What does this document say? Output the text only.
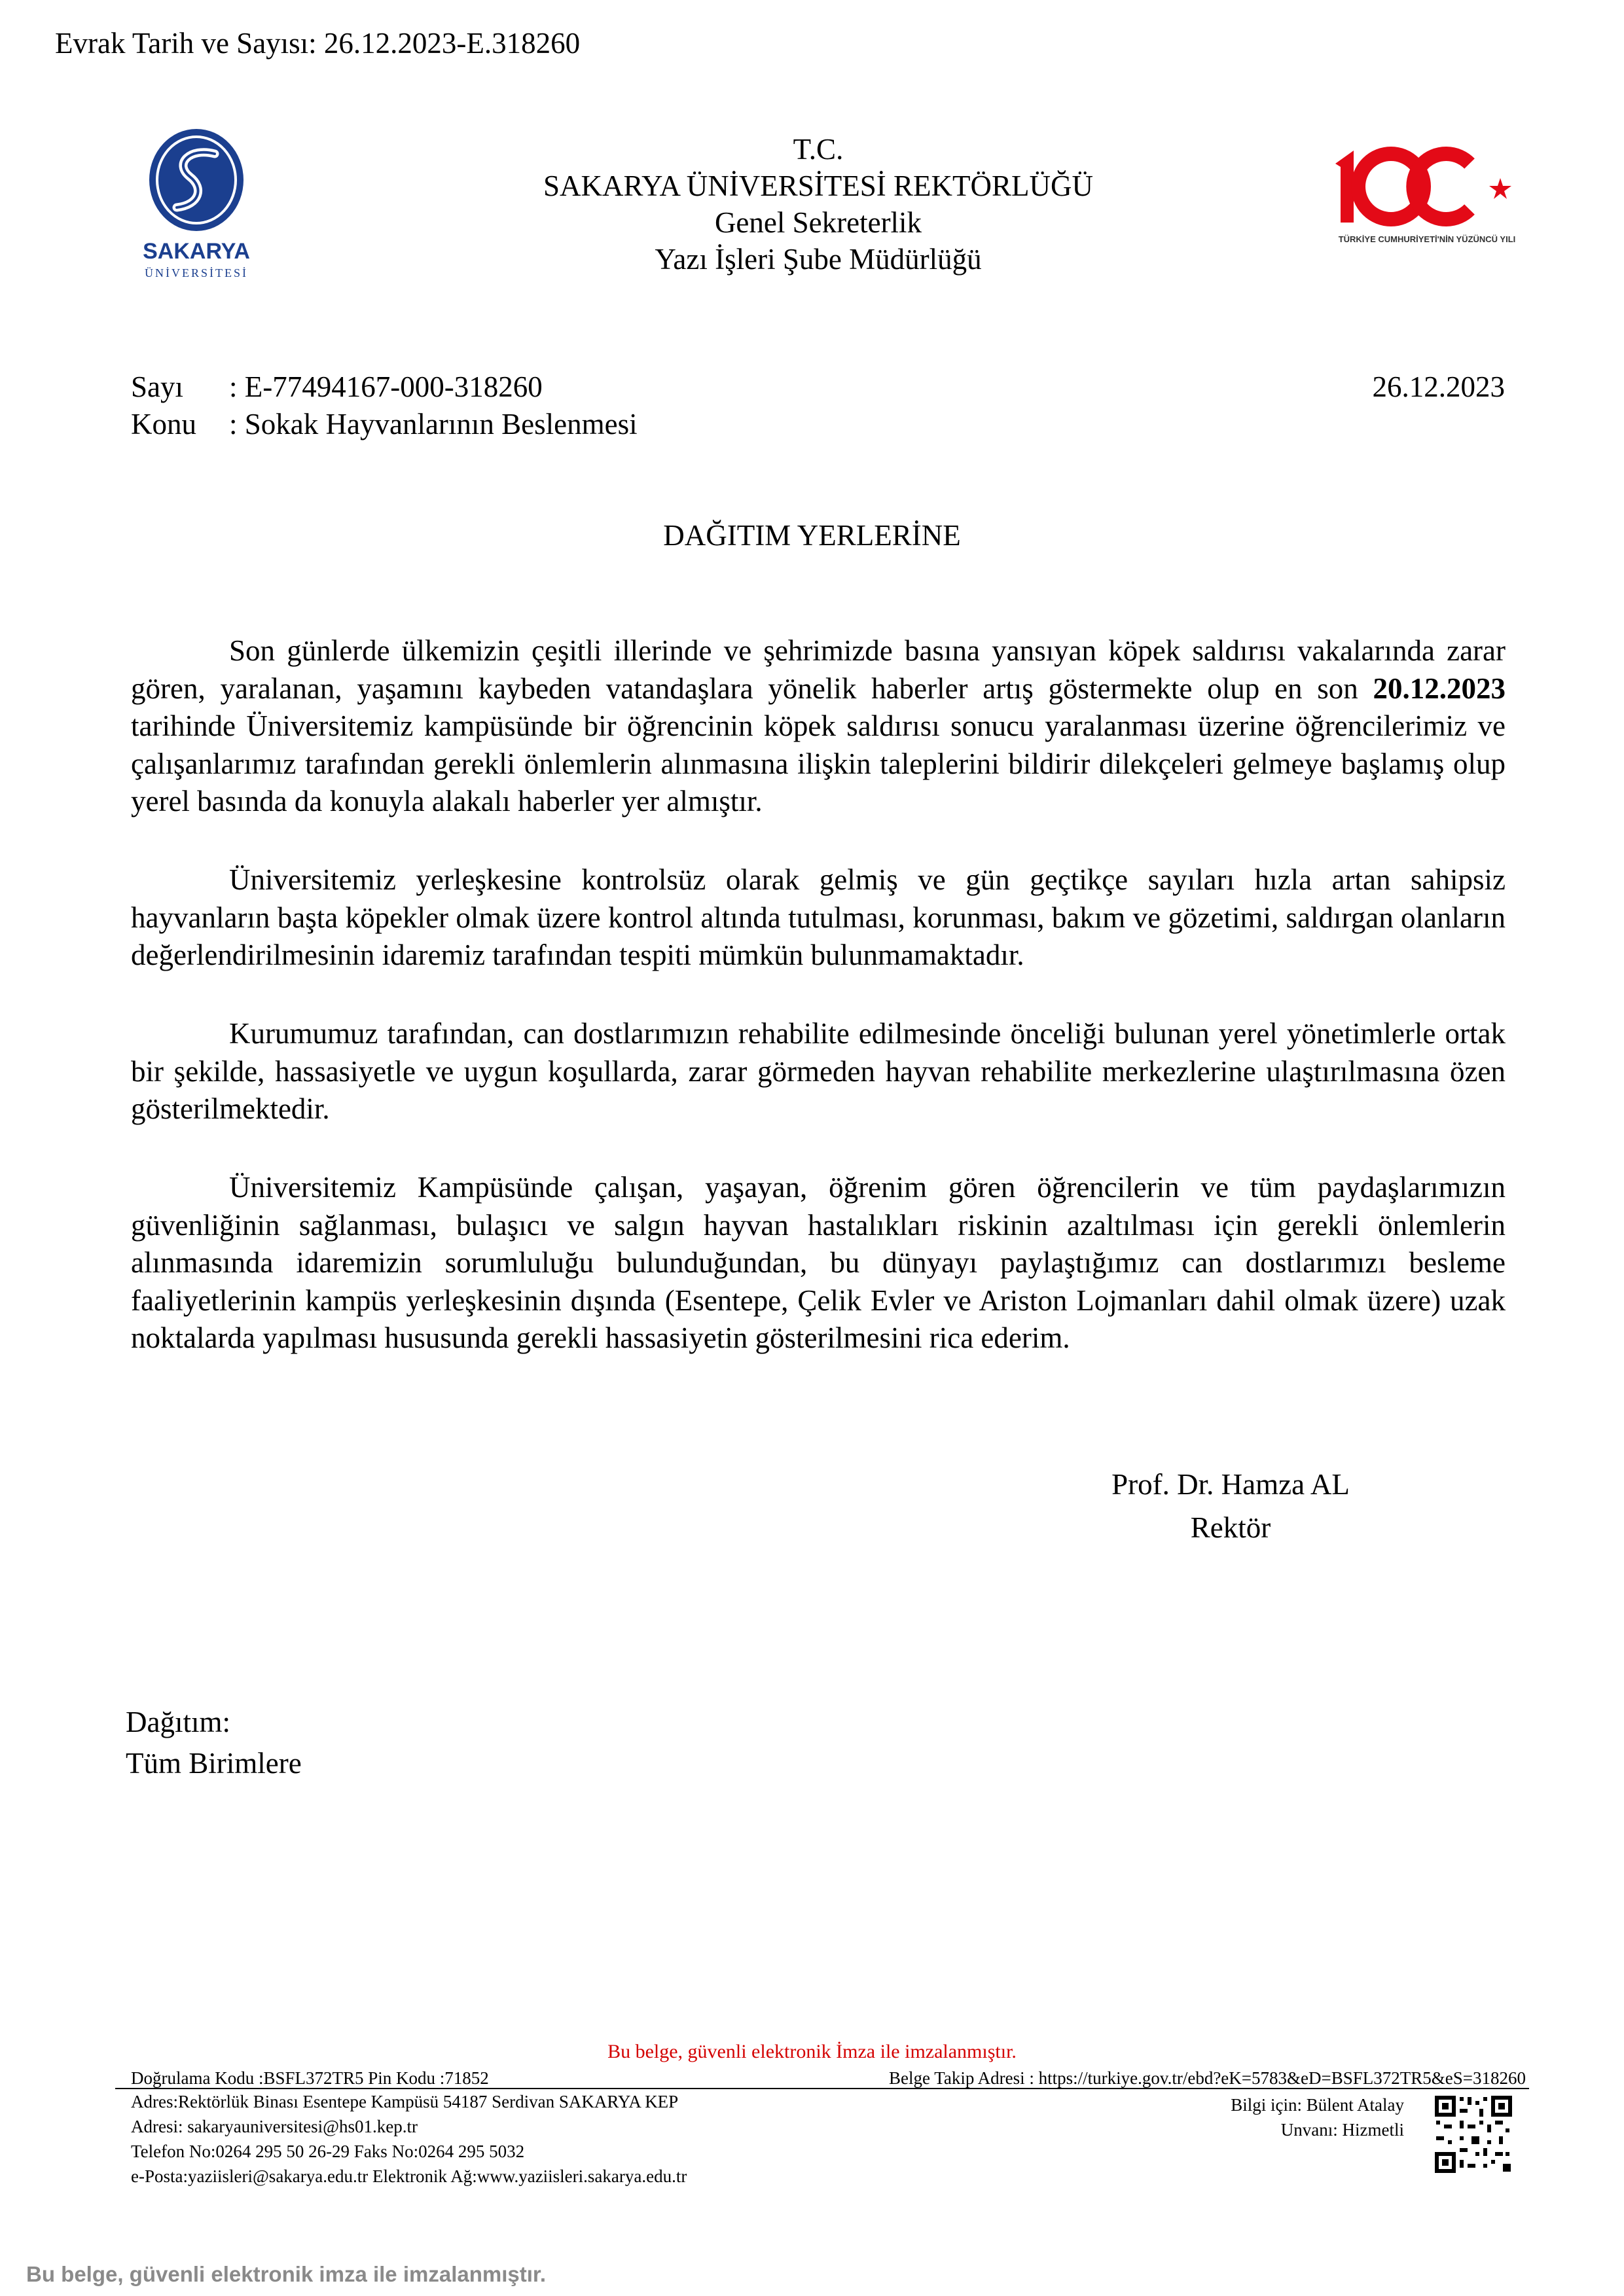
Evrak Tarih ve Sayısı: 26.12.2023-E.318260
SAKARYA
ÜNİVERSİTESİ
TÜRKİYE CUMHURİYETİ'NİN YÜZÜNCÜ YILI
T.C.
SAKARYA ÜNİVERSİTESİ REKTÖRLÜĞÜ
Genel Sekreterlik
Yazı İşleri Şube Müdürlüğü
Sayı : E-77494167-000-318260
Konu : Sokak Hayvanlarının Beslenmesi
26.12.2023
DAĞITIM YERLERİNE

Son günlerde ülkemizin çeşitli illerinde ve şehrimizde basına yansıyan köpek saldırısı vakalarında zarar gören, yaralanan, yaşamını kaybeden vatandaşlara yönelik haberler artış göstermekte olup en son 20.12.2023 tarihinde Üniversitemiz kampüsünde bir öğrencinin köpek saldırısı sonucu yaralanması üzerine öğrencilerimiz ve çalışanlarımız tarafından gerekli önlemlerin alınmasına ilişkin taleplerini bildirir dilekçeleri gelmeye başlamış olup yerel basında da konuyla alakalı haberler yer almıştır.

Üniversitemiz yerleşkesine kontrolsüz olarak gelmiş ve gün geçtikçe sayıları hızla artan sahipsiz hayvanların başta köpekler olmak üzere kontrol altında tutulması, korunması, bakım ve gözetimi, saldırgan olanların değerlendirilmesinin idaremiz tarafından tespiti mümkün bulunmamaktadır.

Kurumumuz tarafından, can dostlarımızın rehabilite edilmesinde önceliği bulunan yerel yönetimlerle ortak bir şekilde, hassasiyetle ve uygun koşullarda, zarar görmeden hayvan rehabilite merkezlerine ulaştırılmasına özen gösterilmektedir.

Üniversitemiz Kampüsünde çalışan, yaşayan, öğrenim gören öğrencilerin ve tüm paydaşlarımızın güvenliğinin sağlanması, bulaşıcı ve salgın hayvan hastalıkları riskinin azaltılması için gerekli önlemlerin alınmasında idaremizin sorumluluğu bulunduğundan, bu dünyayı paylaştığımız can dostlarımızı besleme faaliyetlerinin kampüs yerleşkesinin dışında (Esentepe, Çelik Evler ve Ariston Lojmanları dahil olmak üzere) uzak noktalarda yapılması hususunda gerekli hassasiyetin gösterilmesini rica ederim.

Prof. Dr. Hamza AL
Rektör
Dağıtım:
Tüm Birimlere
Bu belge, güvenli elektronik İmza ile imzalanmıştır.
Doğrulama Kodu :BSFL372TR5 Pin Kodu :71852	Belge Takip Adresi : https://turkiye.gov.tr/ebd?eK=5783&eD=BSFL372TR5&eS=318260
Adres:Rektörlük Binası Esentepe Kampüsü 54187 Serdivan SAKARYA KEP
Adresi: sakaryauniversitesi@hs01.kep.tr
Telefon No:0264 295 50 26-29 Faks No:0264 295 5032
e-Posta:yaziisleri@sakarya.edu.tr Elektronik Ağ:www.yaziisleri.sakarya.edu.tr
Bilgi için: Bülent Atalay
Unvanı: Hizmetli
Bu belge, güvenli elektronik imza ile imzalanmıştır.
